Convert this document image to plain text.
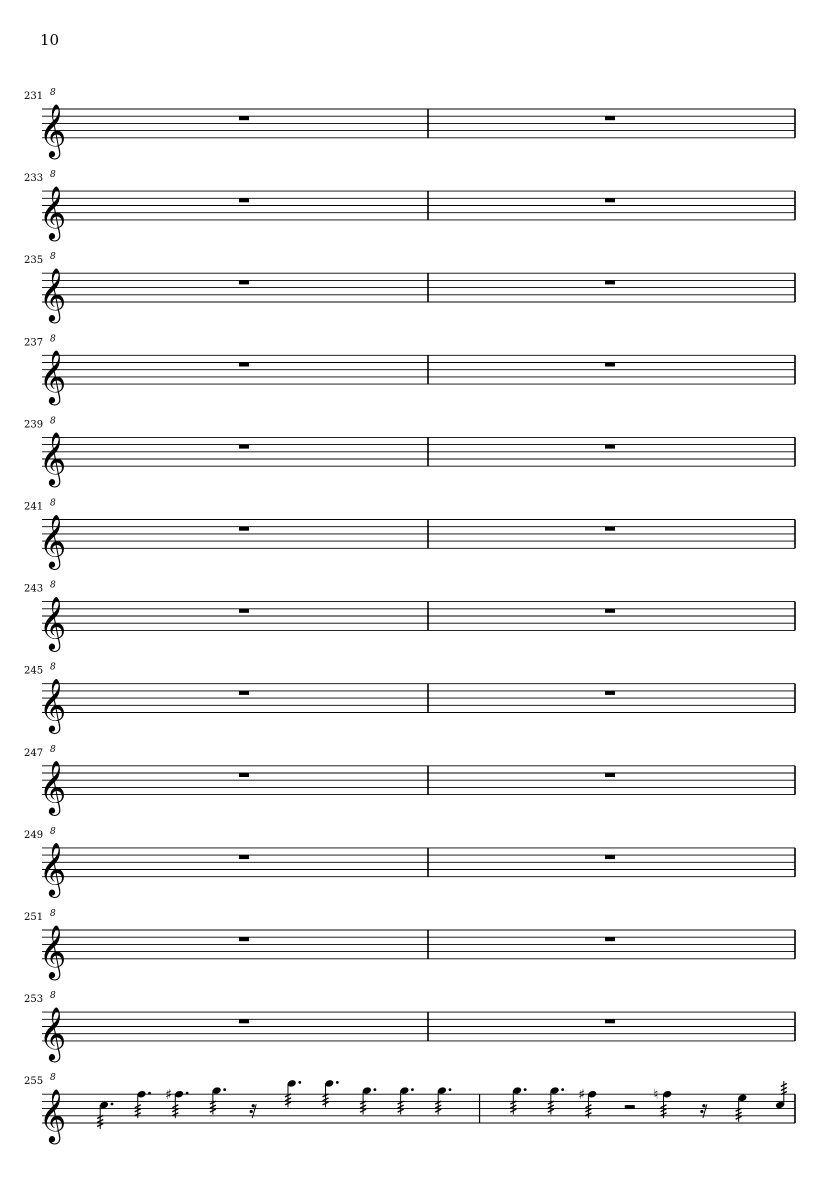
10
231
𝄞
8
233
𝄞
8
235
𝄞
8
237
𝄞
8
239
𝄞
8
241
𝄞
8
243
𝄞
8
245
𝄞
8
247
𝄞
8
249
𝄞
8
251
𝄞
8
253
𝄞
8
255
𝄞
8
♯	♯	♮
